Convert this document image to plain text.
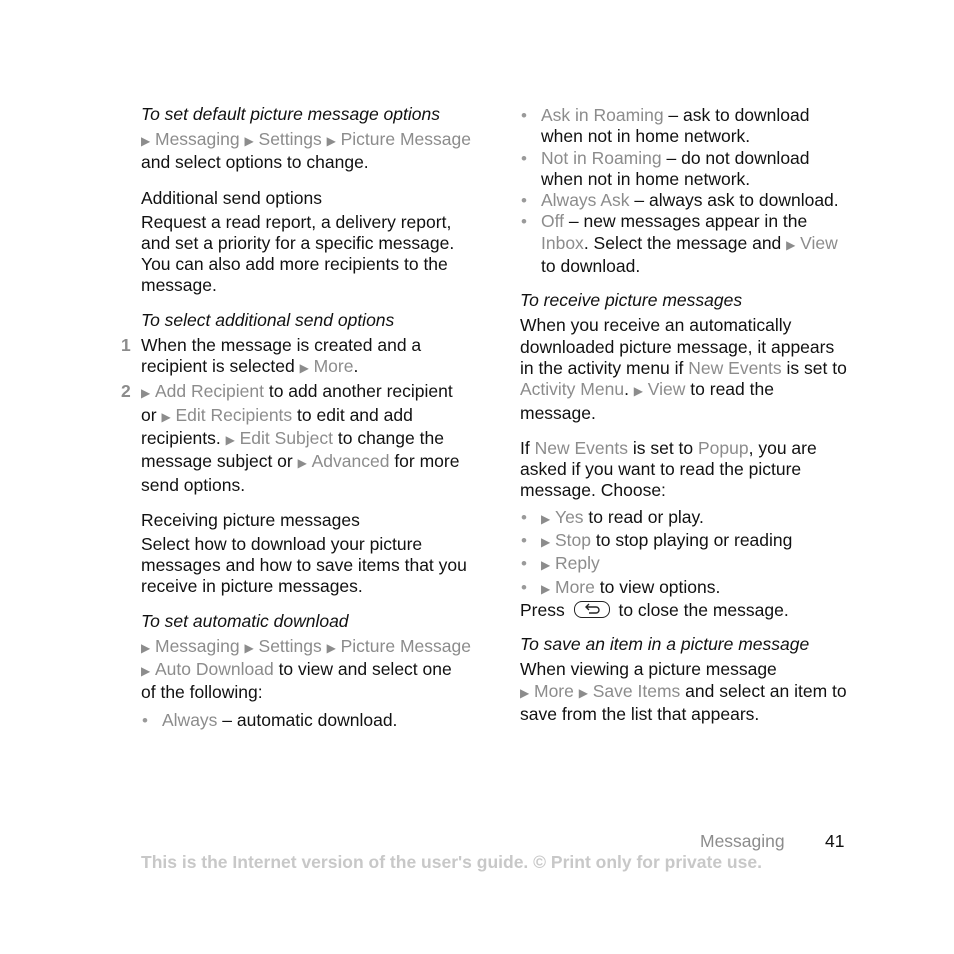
To set default picture message options
▶ Messaging ▶ Settings ▶ Picture Message and select options to change.
Additional send options
Request a read report, a delivery report, and set a priority for a specific message. You can also add more recipients to the message.
To select additional send options
1 When the message is created and a recipient is selected ▶ More.
2 ▶ Add Recipient to add another recipient or ▶ Edit Recipients to edit and add recipients. ▶ Edit Subject to change the message subject or ▶ Advanced for more send options.
Receiving picture messages
Select how to download your picture messages and how to save items that you receive in picture messages.
To set automatic download
▶ Messaging ▶ Settings ▶ Picture Message ▶ Auto Download to view and select one of the following:
• Always – automatic download.
• Ask in Roaming – ask to download when not in home network.
• Not in Roaming – do not download when not in home network.
• Always Ask – always ask to download.
• Off – new messages appear in the Inbox. Select the message and ▶ View to download.
To receive picture messages
When you receive an automatically downloaded picture message, it appears in the activity menu if New Events is set to Activity Menu. ▶ View to read the message.
If New Events is set to Popup, you are asked if you want to read the picture message. Choose:
• ▶ Yes to read or play.
• ▶ Stop to stop playing or reading
• ▶ Reply
• ▶ More to view options.
Press	to close the message.
To save an item in a picture message
When viewing a picture message
▶ More ▶ Save Items and select an item to save from the list that appears.
Messaging 41
This is the Internet version of the user's guide. © Print only for private use.
